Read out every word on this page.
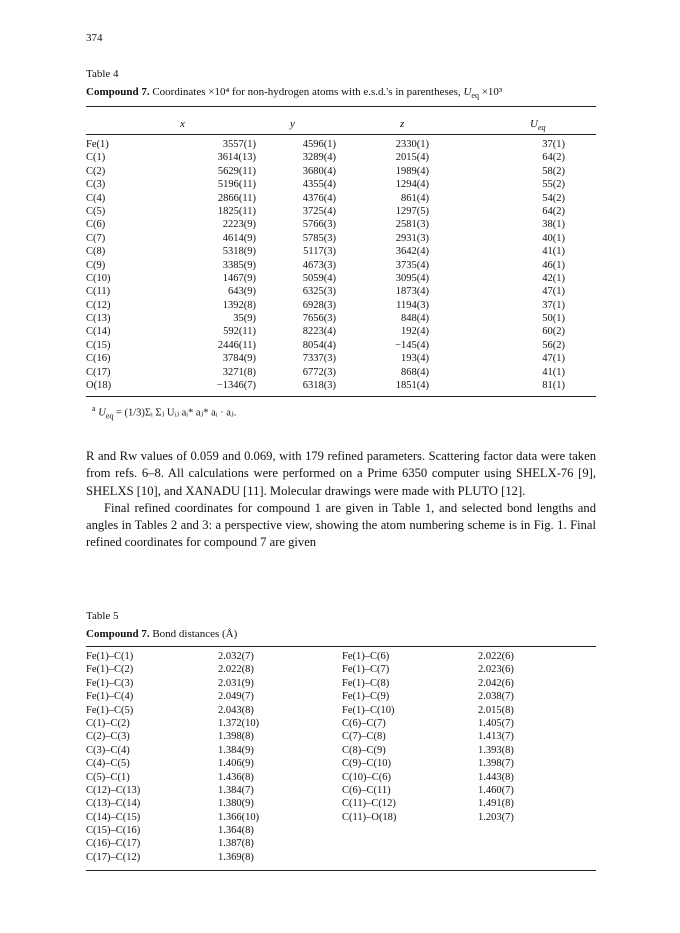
374
Table 4
Compound 7. Coordinates ×10⁴ for non-hydrogen atoms with e.s.d.'s in parentheses, $U_{eq} \times 10^3$
x	y	z	$U_{eq}$
Fe(1)	3557(1)	4596(1)	2330(1)	37(1)
C(1)	3614(13)	3289(4)	2015(4)	64(2)
C(2)	5629(11)	3680(4)	1989(4)	58(2)
C(3)	5196(11)	4355(4)	1294(4)	55(2)
C(4)	2866(11)	4376(4)	861(4)	54(2)
C(5)	1825(11)	3725(4)	1297(5)	64(2)
C(6)	2223(9)	5766(3)	2581(3)	38(1)
C(7)	4614(9)	5785(3)	2931(3)	40(1)
C(8)	5318(9)	5117(3)	3642(4)	41(1)
C(9)	3385(9)	4673(3)	3735(4)	46(1)
C(10)	1467(9)	5059(4)	3095(4)	42(1)
C(11)	643(9)	6325(3)	1873(4)	47(1)
C(12)	1392(8)	6928(3)	1194(3)	37(1)
C(13)	35(9)	7656(3)	848(4)	50(1)
C(14)	592(11)	8223(4)	192(4)	60(2)
C(15)	2446(11)	8054(4)	−145(4)	56(2)
C(16)	3784(9)	7337(3)	193(4)	47(1)
C(17)	3271(8)	6772(3)	868(4)	41(1)
O(18)	−1346(7)	6318(3)	1851(4)	81(1)
$^a$ $U_{eq}$ = (1/3)Σᵢ Σⱼ Uᵢⱼ aᵢ* aⱼ* aᵢ · aⱼ.

R and Rw values of 0.059 and 0.069, with 179 refined parameters. Scattering factor data were taken from refs. 6–8. All calculations were performed on a Prime 6350 computer using SHELX-76 [9], SHELXS [10], and XANADU [11]. Molecular drawings were made with PLUTO [12].

Final refined coordinates for compound 1 are given in Table 1, and selected bond lengths and angles in Tables 2 and 3: a perspective view, showing the atom numbering scheme is in Fig. 1. Final refined coordinates for compound 7 are given

Table 5
Compound 7. Bond distances (Å)
Fe(1)–C(1)	2.032(7)	Fe(1)–C(6)	2.022(6)
Fe(1)–C(2)	2.022(8)	Fe(1)–C(7)	2.023(6)
Fe(1)–C(3)	2.031(9)	Fe(1)–C(8)	2.042(6)
Fe(1)–C(4)	2.049(7)	Fe(1)–C(9)	2.038(7)
Fe(1)–C(5)	2.043(8)	Fe(1)–C(10)	2.015(8)
C(1)–C(2)	1.372(10)	C(6)–C(7)	1.405(7)
C(2)–C(3)	1.398(8)	C(7)–C(8)	1.413(7)
C(3)–C(4)	1.384(9)	C(8)–C(9)	1.393(8)
C(4)–C(5)	1.406(9)	C(9)–C(10)	1.398(7)
C(5)–C(1)	1.436(8)	C(10)–C(6)	1.443(8)
C(12)–C(13)	1.384(7)	C(6)–C(11)	1.460(7)
C(13)–C(14)	1.380(9)	C(11)–C(12)	1.491(8)
C(14)–C(15)	1.366(10)	C(11)–O(18)	1.203(7)
C(15)–C(16)	1.364(8)
C(16)–C(17)	1.387(8)
C(17)–C(12)	1.369(8)
